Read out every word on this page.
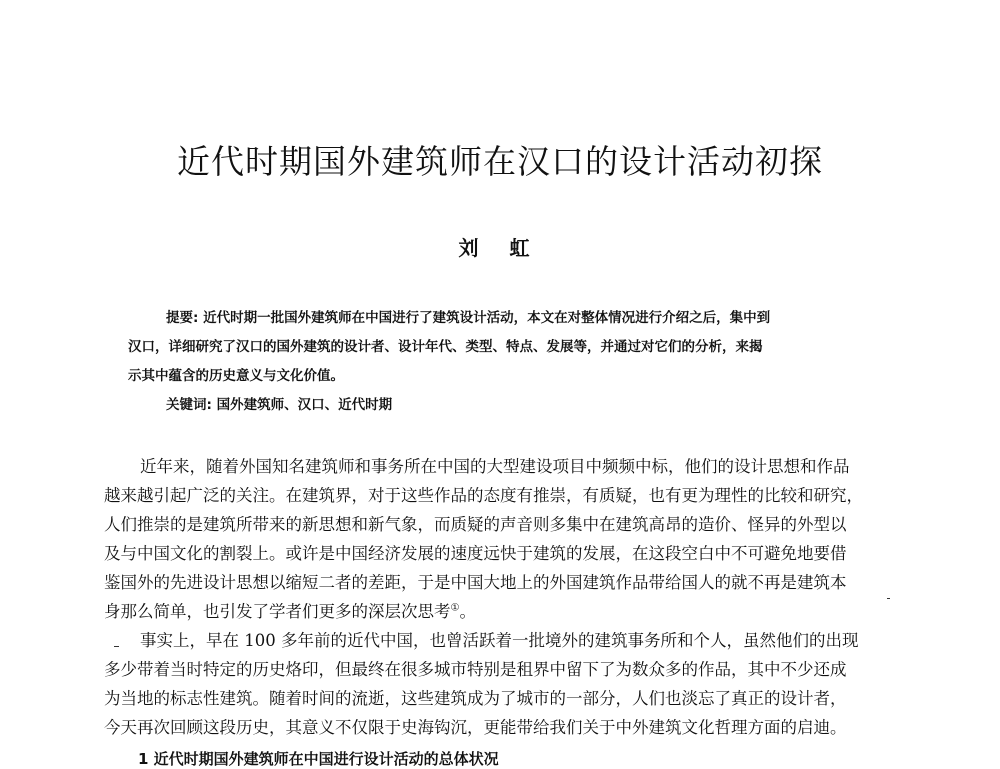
近代时期国外建筑师在汉口的设计活动初探
刘 虹
提要: 近代时期一批国外建筑师在中国进行了建筑设计活动，本文在对整体情况进行介绍之后，集中到
汉口，详细研究了汉口的国外建筑的设计者、设计年代、类型、特点、发展等，并通过对它们的分析，来揭
示其中蕴含的历史意义与文化价值。
关键词: 国外建筑师、汉口、近代时期
近年来，随着外国知名建筑师和事务所在中国的大型建设项目中频频中标，他们的设计思想和作品
越来越引起广泛的关注。在建筑界，对于这些作品的态度有推崇，有质疑，也有更为理性的比较和研究，
人们推崇的是建筑所带来的新思想和新气象，而质疑的声音则多集中在建筑高昂的造价、怪异的外型以
及与中国文化的割裂上。或许是中国经济发展的速度远快于建筑的发展，在这段空白中不可避免地要借
鉴国外的先进设计思想以缩短二者的差距，于是中国大地上的外国建筑作品带给国人的就不再是建筑本
身那么简单，也引发了学者们更多的深层次思考①。
事实上，早在 100 多年前的近代中国，也曾活跃着一批境外的建筑事务所和个人，虽然他们的出现
多少带着当时特定的历史烙印，但最终在很多城市特别是租界中留下了为数众多的作品，其中不少还成
为当地的标志性建筑。随着时间的流逝，这些建筑成为了城市的一部分，人们也淡忘了真正的设计者，
今天再次回顾这段历史，其意义不仅限于史海钩沉，更能带给我们关于中外建筑文化哲理方面的启迪。
1 近代时期国外建筑师在中国进行设计活动的总体状况
